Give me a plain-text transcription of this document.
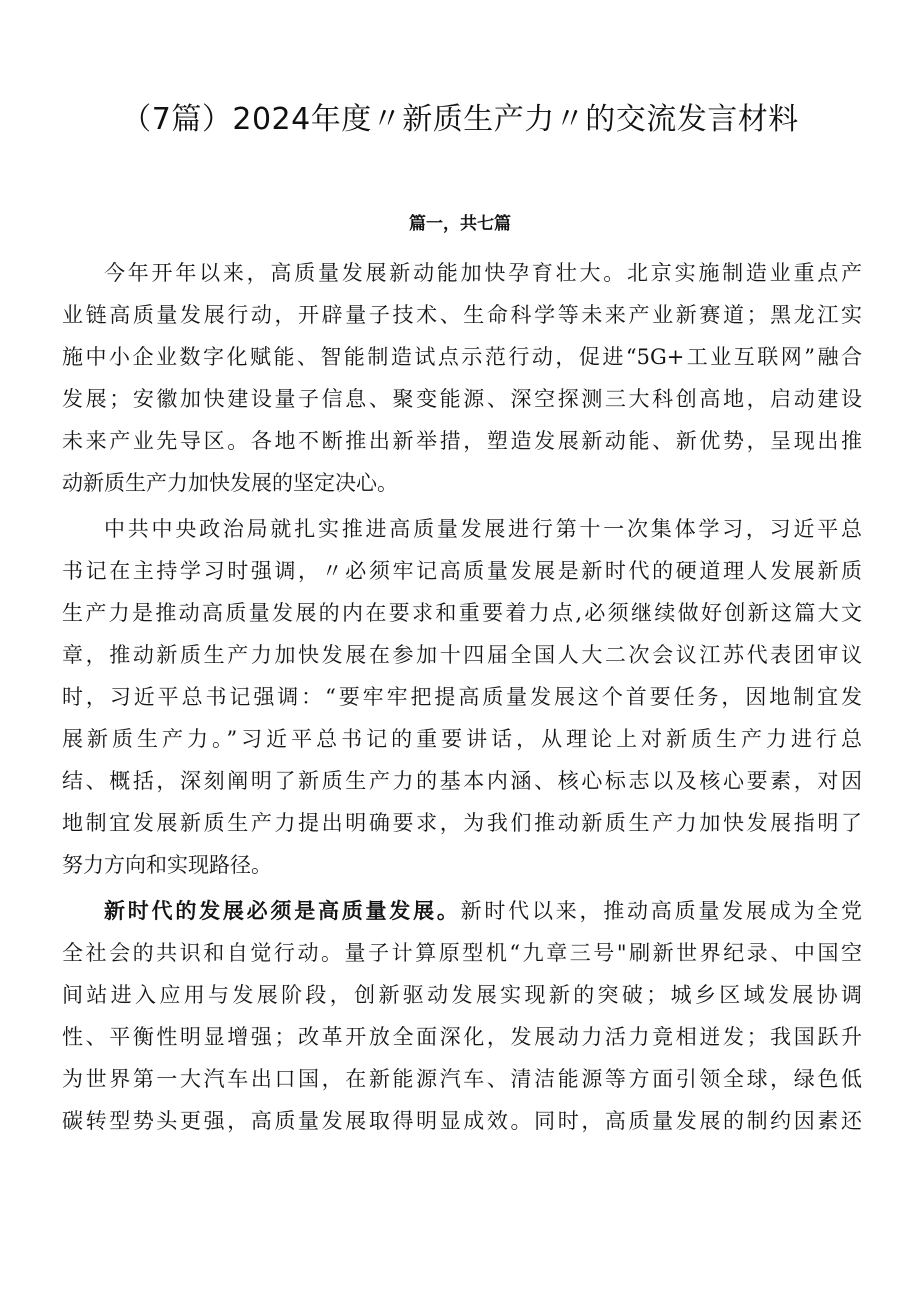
（7篇）2024年度〃新质生产力〃的交流发言材料
篇一，共七篇
今年开年以来，高质量发展新动能加快孕育壮大。北京实施制造业重点产
业链高质量发展行动，开辟量子技术、生命科学等未来产业新赛道；黑龙江实
施中小企业数字化赋能、智能制造试点示范行动，促进“5G+工业互联网”融合
发展；安徽加快建设量子信息、聚变能源、深空探测三大科创高地，启动建设
未来产业先导区。各地不断推出新举措，塑造发展新动能、新优势，呈现出推
动新质生产力加快发展的坚定决心。
中共中央政治局就扎实推进高质量发展进行第十一次集体学习，习近平总
书记在主持学习时强调，〃必须牢记高质量发展是新时代的硬道理人发展新质
生产力是推动高质量发展的内在要求和重要着力点,必须继续做好创新这篇大文
章，推动新质生产力加快发展在参加十四届全国人大二次会议江苏代表团审议
时，习近平总书记强调：“要牢牢把提高质量发展这个首要任务，因地制宜发
展新质生产力。”习近平总书记的重要讲话，从理论上对新质生产力进行总
结、概括，深刻阐明了新质生产力的基本内涵、核心标志以及核心要素，对因
地制宜发展新质生产力提出明确要求，为我们推动新质生产力加快发展指明了
努力方向和实现路径。
新时代的发展必须是高质量发展。新时代以来，推动高质量发展成为全党
全社会的共识和自觉行动。量子计算原型机“九章三号"刷新世界纪录、中国空
间站进入应用与发展阶段，创新驱动发展实现新的突破；城乡区域发展协调
性、平衡性明显增强；改革开放全面深化，发展动力活力竟相迸发；我国跃升
为世界第一大汽车出口国，在新能源汽车、清洁能源等方面引领全球，绿色低
碳转型势头更强，高质量发展取得明显成效。同时，高质量发展的制约因素还
